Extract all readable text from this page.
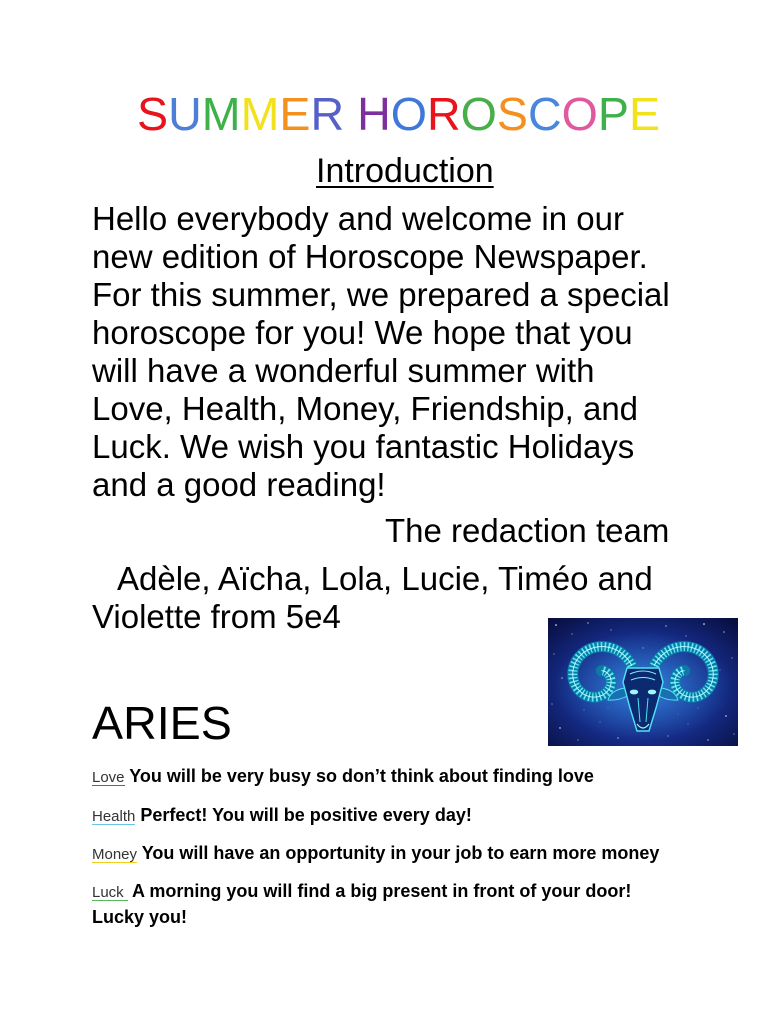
SUMMER HOROSCOPE
Introduction
Hello everybody and welcome in our
new edition of Horoscope Newspaper.
For this summer, we prepared a special
horoscope for you! We hope that you
will have a wonderful summer with
Love, Health, Money, Friendship, and
Luck. We wish you fantastic Holidays
and a good reading!
The redaction team
Adèle, Aïcha, Lola, Lucie, Timéo and
Violette from 5e4
ARIES
Love You will be very busy so don’t think about finding love
Health Perfect! You will be positive every day!
Money You will have an opportunity in your job to earn more money
Luck A morning you will find a big present in front of your door!
Lucky you!
